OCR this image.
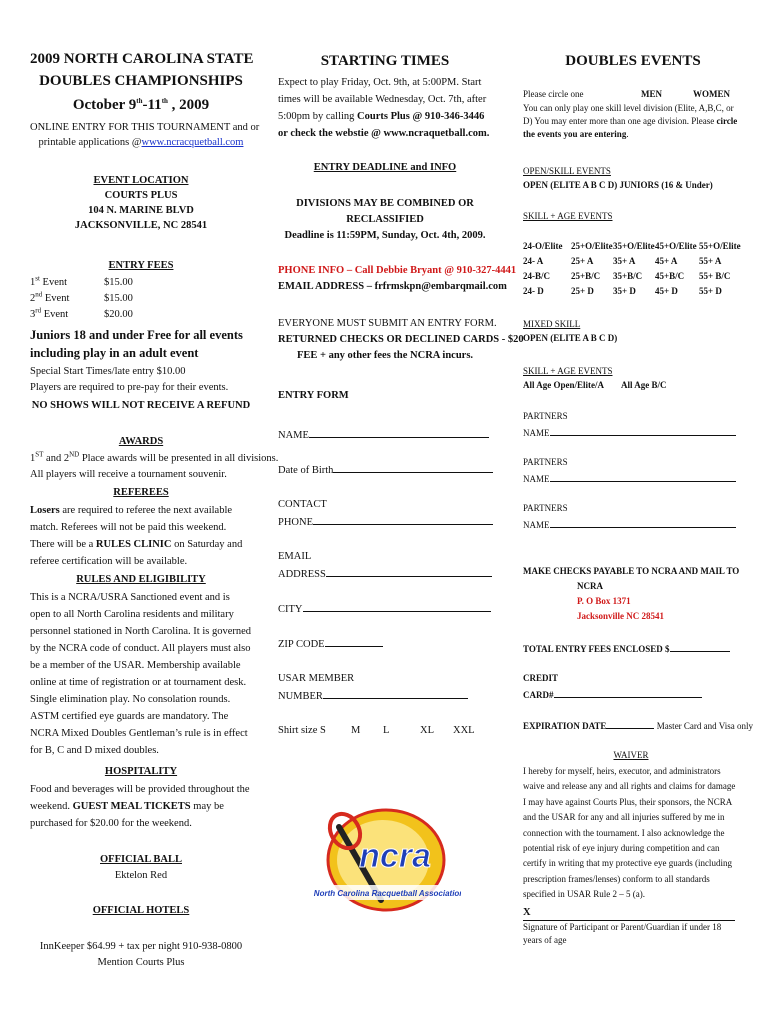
2009 NORTH CAROLINA STATE
DOUBLES CHAMPIONSHIPS
October 9th-11th , 2009
ONLINE ENTRY FOR THIS TOURNAMENT and or
printable applications @www.ncracquetball.com
EVENT LOCATION
COURTS PLUS
104 N. MARINE BLVD
JACKSONVILLE, NC 28541
ENTRY FEES
1st Event	$15.00
2nd Event	$15.00
3rd Event	$20.00
Juniors 18 and under Free for all events including play in an adult event
Special Start Times/late entry $10.00
Players are required to pre-pay for their events.
NO SHOWS WILL NOT RECEIVE A REFUND
AWARDS
1ST and 2ND Place awards will be presented in all divisions.
All players will receive a tournament souvenir.
REFEREES
Losers are required to referee the next available match. Referees will not be paid this weekend. There will be a RULES CLINIC on Saturday and referee certification will be available.
RULES AND ELIGIBILITY
This is a NCRA/USRA Sanctioned event and is open to all North Carolina residents and military personnel stationed in North Carolina. It is governed by the NCRA code of conduct. All players must also be a member of the USAR. Membership available online at time of registration or at tournament desk. Single elimination play. No consolation rounds. ASTM certified eye guards are mandatory. The NCRA Mixed Doubles Gentleman’s rule is in effect for B, C and D mixed doubles.
HOSPITALITY
Food and beverages will be provided throughout the weekend. GUEST MEAL TICKETS may be purchased for $20.00 for the weekend.
OFFICIAL BALL
Ektelon Red
OFFICIAL HOTELS
InnKeeper $64.99 + tax per night 910-938-0800
Mention Courts Plus
STARTING TIMES
Expect to play Friday, Oct. 9th, at 5:00PM. Start times will be available Wednesday, Oct. 7th, after 5:00pm by calling Courts Plus @ 910-346-3446 or check the webstie @ www.ncraquetball.com.
ENTRY DEADLINE and INFO
DIVISIONS MAY BE COMBINED OR
RECLASSIFIED
Deadline is 11:59PM, Sunday, Oct. 4th, 2009.
PHONE INFO – Call Debbie Bryant @ 910-327-4441
EMAIL ADDRESS – frfrmskpn@embarqmail.com
EVERYONE MUST SUBMIT AN ENTRY FORM.
RETURNED CHECKS OR DECLINED CARDS - $20
FEE + any other fees the NCRA incurs.
ENTRY FORM
NAME
Date of Birth
CONTACT
PHONE
EMAIL
ADDRESS
CITY
ZIP CODE
USAR MEMBER
NUMBER
Shirt size S M L	XL XXL
DOUBLES EVENTS
Please circle one	MEN	WOMEN
You can only play one skill level division (Elite, A,B,C, or D) You may enter more than one age division. Please circle the events you are entering.
OPEN/SKILL EVENTS
OPEN (ELITE A B C D) JUNIORS (16 & Under)
SKILL + AGE EVENTS
24-O/Elite 25+O/Elite 35+O/Elite 45+O/Elite 55+O/Elite
24- A	25+ A 35+ A 45+ A 55+ A
24-B/C 25+B/C 35+B/C 45+B/C 55+ B/C
24- D	25+ D 35+ D 45+ D 55+ D
MIXED SKILL
OPEN (ELITE A B C D)
SKILL + AGE EVENTS
All Age Open/Elite/A All Age B/C
PARTNERS
NAME
PARTNERS
NAME
PARTNERS
NAME
MAKE CHECKS PAYABLE TO NCRA AND MAIL TO
NCRA
P. O Box 1371
Jacksonville NC 28541
TOTAL ENTRY FEES ENCLOSED $
CREDIT
CARD#
EXPIRATION DATE	Master Card and Visa only
WAIVER
I hereby for myself, heirs, executor, and administrators waive and release any and all rights and claims for damage I may have against Courts Plus, their sponsors, the NCRA and the USAR for any and all injuries suffered by me in connection with the tournament. I also acknowledge the potential risk of eye injury during competition and can certify in writing that my protective eye guards (including prescription frames/lenses) conform to all standards specified in USAR Rule 2 – 5 (a).
X
Signature of Participant or Parent/Guardian if under 18 years of age
ncra
North Carolina Racquetball Association
